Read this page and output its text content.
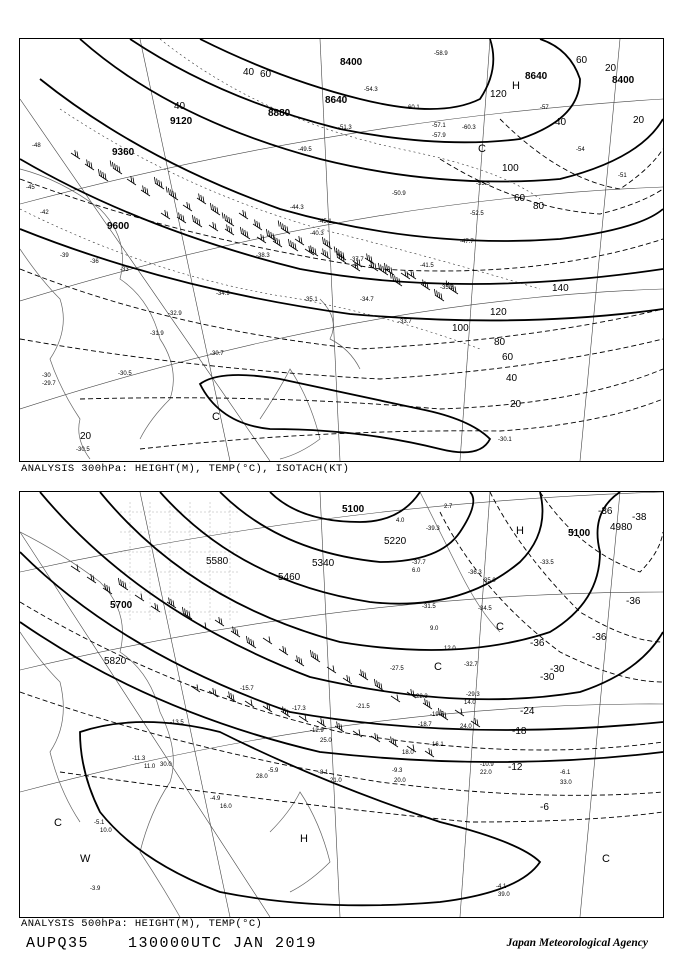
8400
8640
8640	8400
9120
9360
9600
8880
140
120
100
80
60
40
20
60
80
100
40
60
20
20
60
40
20
40
120
H
C
C
-58.9
-57.1
-60.1
-57.9
-54.3
-51.3
-49.5
-45.1
-41.5
-37.7
-35.3
-33.7
-34.7
-35.1
-31.9
-30.7
-30.5
-29.7
-30.5
-30.1
-32.9
-34.9
-38.3
-40.3
-44.3
-47.7
-50.9
-52.5
-55.5
-60.3
-57
-54
-51
-48
-45
-42
-39
-36
-33
-30
ANALYSIS 300hPa: HEIGHT(M), TEMP(°C), ISOTACH(KT)
5100
5100
4980
5220
5340
5460
5580
5700
5820
-36
-36
-38
-36
-30
-24
-18
-12
-6
-36
-30
H
C
C
W
H
C
C
-39.3
-37.7
-36.3
-33.5
-34.5
-32.7
-31.5
-29.3
-27.5
-22.3
-21.5
-19.5
-18.7
-16.1
-12.9
-10.9
-9.3
-8.1	-6.1
-5.9
-5.1
-4.9
-4.1
-3.9
-17.3
-15.7
-13.5
-11.3
2.7
4.0
6.0
9.0
12.0
14.0
18.0
20.0
22.0
24.0
25.0
28.0
30.0
33.0
35.0
39.0
10.0
11.0
16.0
21.0
ANALYSIS 500hPa: HEIGHT(M), TEMP(°C)
AUPQ35	130000UTC JAN 2019	Japan Meteorological Agency
